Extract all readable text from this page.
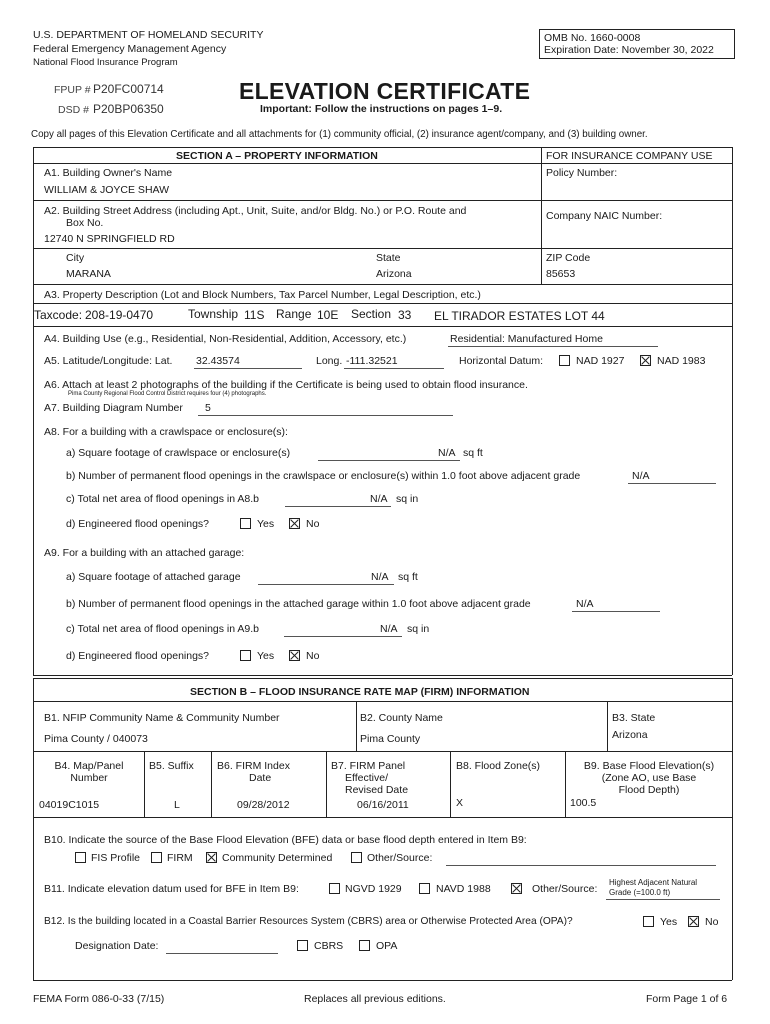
U.S. DEPARTMENT OF HOMELAND SECURITY
Federal Emergency Management Agency
National Flood Insurance Program
OMB No. 1660-0008
Expiration Date: November 30, 2022
FPUP # P20FC00714
DSD # P20BP06350
ELEVATION CERTIFICATE
Important: Follow the instructions on pages 1–9.
Copy all pages of this Elevation Certificate and all attachments for (1) community official, (2) insurance agent/company, and (3) building owner.
SECTION A – PROPERTY INFORMATION	FOR INSURANCE COMPANY USE
A1. Building Owner's Name
WILLIAM & JOYCE SHAW
Policy Number:
A2. Building Street Address (including Apt., Unit, Suite, and/or Bldg. No.) or P.O. Route and
Box No.
12740 N SPRINGFIELD RD
Company NAIC Number:
City
MARANA
State
Arizona
ZIP Code
85653
A3. Property Description (Lot and Block Numbers, Tax Parcel Number, Legal Description, etc.)
Taxcode: 208-19-0470	Township 11S Range 10E Section 33 EL TIRADOR ESTATES LOT 44
A4. Building Use (e.g., Residential, Non-Residential, Addition, Accessory, etc.)	Residential: Manufactured Home
A5. Latitude/Longitude: Lat. 32.43574	Long. -111.32521	Horizontal Datum:	NAD 1927	NAD 1983
A6. Attach at least 2 photographs of the building if the Certificate is being used to obtain flood insurance.
Pima County Regional Flood Control District requires four (4) photographs.
A7. Building Diagram Number 5
A8. For a building with a crawlspace or enclosure(s):
a) Square footage of crawlspace or enclosure(s)	N/A sq ft
b) Number of permanent flood openings in the crawlspace or enclosure(s) within 1.0 foot above adjacent grade	N/A
c) Total net area of flood openings in A8.b	N/A sq in
d) Engineered flood openings?	Yes	No
A9. For a building with an attached garage:
a) Square footage of attached garage	N/A sq ft
b) Number of permanent flood openings in the attached garage within 1.0 foot above adjacent grade	N/A
c) Total net area of flood openings in A9.b	N/A sq in
d) Engineered flood openings?	Yes	No
SECTION B – FLOOD INSURANCE RATE MAP (FIRM) INFORMATION
B1. NFIP Community Name & Community Number
Pima County / 040073
B2. County Name
Pima County
B3. State
Arizona
B4. Map/Panel
Number
04019C1015
B5. Suffix
L
B6. FIRM Index
Date
09/28/2012
B7. FIRM Panel
Effective/
Revised Date
06/16/2011
B8. Flood Zone(s)
X
B9. Base Flood Elevation(s)
(Zone AO, use Base
Flood Depth)
100.5
B10. Indicate the source of the Base Flood Elevation (BFE) data or base flood depth entered in Item B9:
FIS Profile	FIRM	Community Determined	Other/Source:
B11. Indicate elevation datum used for BFE in Item B9:	NGVD 1929	NAVD 1988	Other/Source:
Highest Adjacent Natural
Grade (=100.0 ft)
B12. Is the building located in a Coastal Barrier Resources System (CBRS) area or Otherwise Protected Area (OPA)?	Yes	No
Designation Date:	CBRS	OPA
FEMA Form 086-0-33 (7/15)	Replaces all previous editions.	Form Page 1 of 6
